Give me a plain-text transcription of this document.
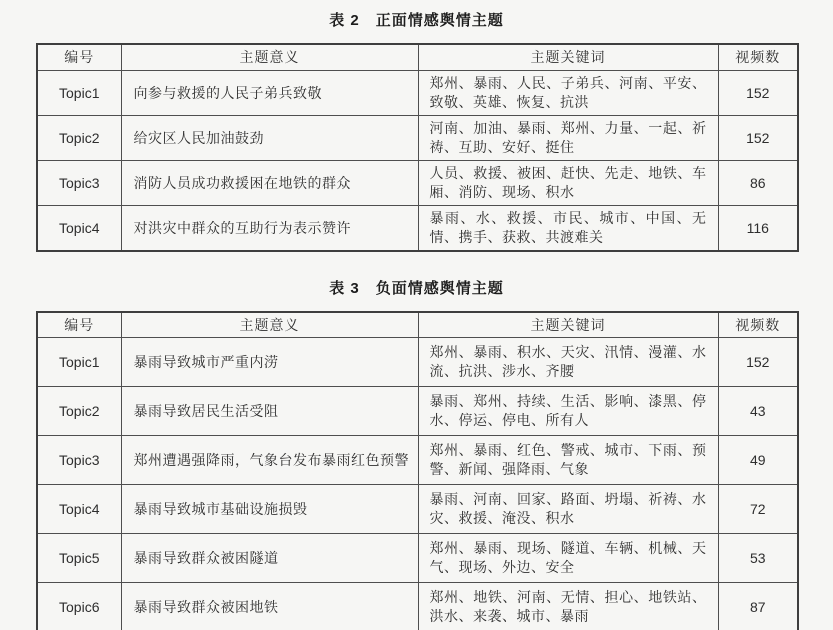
表 2　正面情感舆情主题
编号	主题意义	主题关键词	视频数
Topic1	向参与救援的人民子弟兵致敬	郑州、暴雨、人民、子弟兵、河南、平安、致敬、英雄、恢复、抗洪	152
Topic2	给灾区人民加油鼓劲	河南、加油、暴雨、郑州、力量、一起、祈祷、互助、安好、挺住	152
Topic3	消防人员成功救援困在地铁的群众	人员、救援、被困、赶快、先走、地铁、车厢、消防、现场、积水	86
Topic4	对洪灾中群众的互助行为表示赞许	暴雨、水、救援、市民、城市、中国、无情、携手、获救、共渡难关	116
表 3　负面情感舆情主题
编号	主题意义	主题关键词	视频数
Topic1	暴雨导致城市严重内涝	郑州、暴雨、积水、天灾、汛情、漫灌、水流、抗洪、涉水、齐腰	152
Topic2	暴雨导致居民生活受阻	暴雨、郑州、持续、生活、影响、漆黑、停水、停运、停电、所有人	43
Topic3	郑州遭遇强降雨，气象台发布暴雨红色预警	郑州、暴雨、红色、警戒、城市、下雨、预警、新闻、强降雨、气象	49
Topic4	暴雨导致城市基础设施损毁	暴雨、河南、回家、路面、坍塌、祈祷、水灾、救援、淹没、积水	72
Topic5	暴雨导致群众被困隧道	郑州、暴雨、现场、隧道、车辆、机械、天气、现场、外边、安全	53
Topic6	暴雨导致群众被困地铁	郑州、地铁、河南、无情、担心、地铁站、洪水、来袭、城市、暴雨	87
